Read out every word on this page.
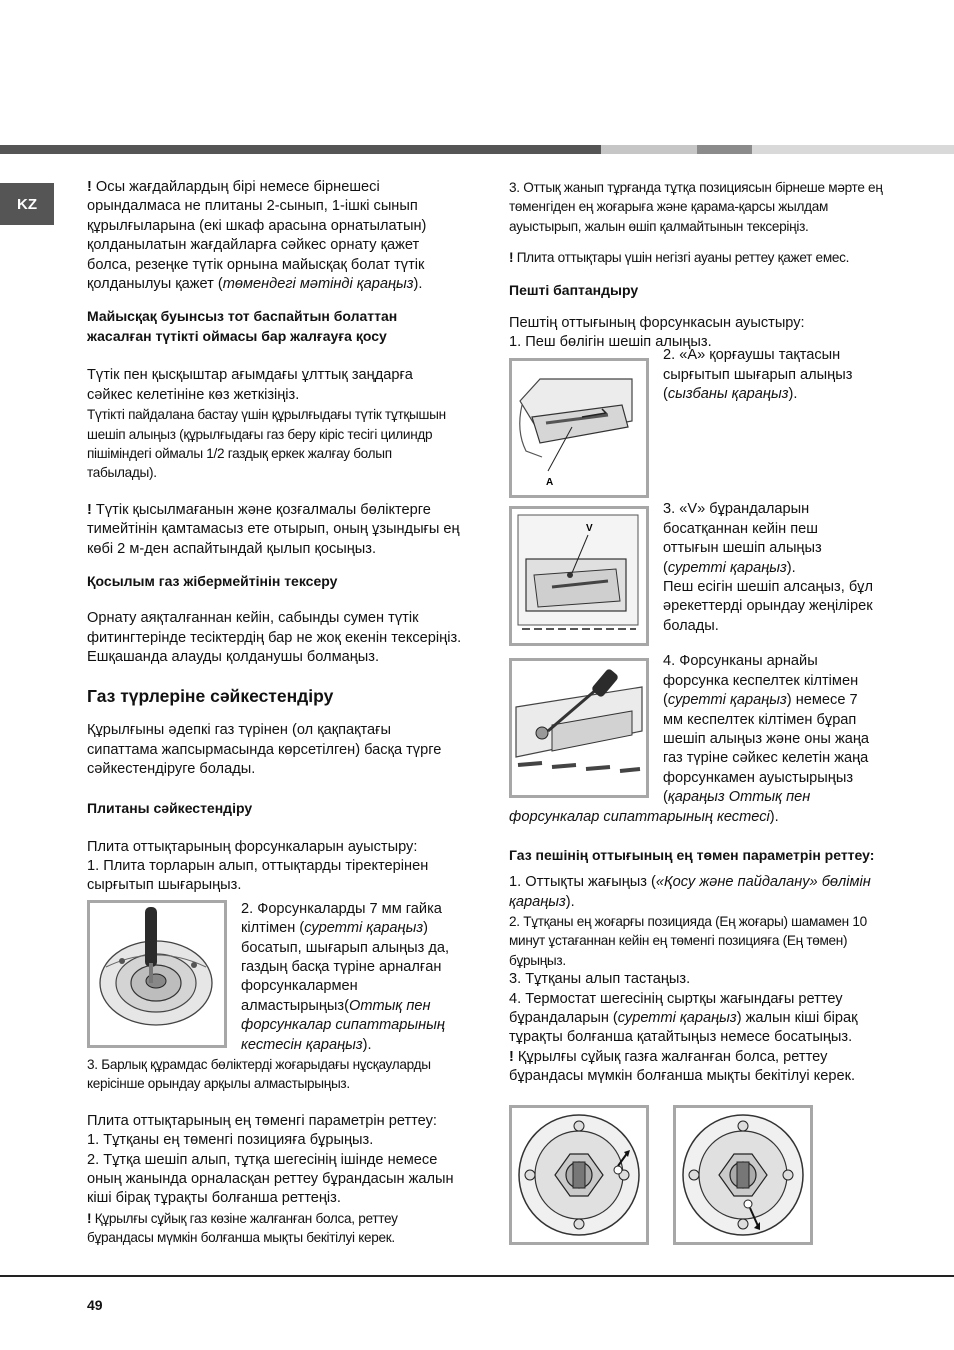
KZ

! Осы жағдайлардың бірі немесе бірнешесі орындалмаса не плитаны 2-сынып, 1-ішкі сынып құрылғыларына (екі шкаф арасына орнатылатын) қолданылатын жағдайларға сәйкес орнату қажет болса, резеңке түтік орнына майысқақ болат түтік қолданылуы қажет (төмендегі мәтінді қараңыз).

Майысқақ буынсыз тот баспайтын болаттан жасалған түтікті оймасы бар жалғауға қосу

Түтік пен қысқыштар ағымдағы ұлттық заңдарға сәйкес келетініне көз жеткізіңіз.

Түтікті пайдалана бастау үшін құрылғыдағы түтік тұтқышын шешіп алыңыз (құрылғыдағы газ беру кіріс тесігі цилиндр пішіміндегі оймалы 1/2 газдық еркек жалғау болып табылады).

! Түтік қысылмағанын және қозғалмалы бөліктерге тимейтінін қамтамасыз ете отырып, оның ұзындығы ең көбі 2 м-ден аспайтындай қылып қосыңыз.

Қосылым газ жібермейтінін тексеру

Орнату аяқталғаннан кейін, сабынды сумен түтік фитингтерінде тесіктердің бар не жоқ екенін тексеріңіз. Ешқашанда алауды қолданушы болмаңыз.

Газ түрлеріне сәйкестендіру

Құрылғыны әдепкі газ түрінен (ол қақпақтағы сипаттама жапсырмасында көрсетілген) басқа түрге сәйкестендіруге болады.

Плитаны сәйкестендіру

Плита оттықтарының форсункаларын ауыстыру:

1. Плита торларын алып, оттықтарды тіректерінен сырғытып шығарыңыз.

2. Форсункаларды 7 мм гайка кілтімен (суретті қараңыз) босатып, шығарып алыңыз да, газдың басқа түріне арналған форсункалармен алмастырыңыз(Оттық пен форсункалар сипаттарының кестесін қараңыз).

3. Барлық құрамдас бөліктерді жоғарыдағы нұсқауларды керісінше орындау арқылы алмастырыңыз.

Плита оттықтарының ең төменгі параметрін реттеу:

1. Тұтқаны ең төменгі позицияға бұрыңыз.

2. Тұтқа шешіп алып, тұтқа шегесінің ішінде немесе оның жанында орналасқан реттеу бұрандасын жалын кіші бірақ тұрақты болғанша реттеңіз.

! Құрылғы сұйық газ көзіне жалғанған болса, реттеу бұрандасы мүмкін болғанша мықты бекітілуі керек.

3. Оттық жанып тұрғанда тұтқа позициясын бірнеше мәрте ең төменгіден ең жоғарыға және қарама-қарсы жылдам ауыстырып, жалын өшіп қалмайтынын тексеріңіз.

! Плита оттықтары үшін негізгі ауаны реттеу қажет емес.

Пешті баптандыру

Пештің оттығының форсункасын ауыстыру:

1. Пеш бөлігін шешіп алыңыз.

A

2. «A» қорғаушы тақтасын сырғытып шығарып алыңыз (сызбаны қараңыз).

V

3. «V» бұрандаларын босатқаннан кейін пеш оттығын шешіп алыңыз (суретті қараңыз).

Пеш есігін шешіп алсаңыз, бұл әрекеттерді орындау жеңілірек болады.

4. Форсунканы арнайы форсунка кеспелтек кілтімен (суретті қараңыз) немесе 7 мм кеспелтек кілтімен бұрап шешіп алыңыз және оны жаңа газ түріне сәйкес келетін жаңа форсункамен ауыстырыңыз (қараңыз Оттық пен

форсункалар сипаттарының кестесі).

Газ пешінің оттығының ең төмен параметрін реттеу:

1. Оттықты жағыңыз («Қосу және пайдалану» бөлімін қараңыз).

2. Тұтқаны ең жоғарғы позицияда (Ең жоғары) шамамен 10 минут ұстағаннан кейін ең төменгі позицияға (Ең төмен) бұрыңыз.

3. Тұтқаны алып тастаңыз.

4. Термостат шегесінің сыртқы жағындағы реттеу бұрандаларын (суретті қараңыз) жалын кіші бірақ тұрақты болғанша қатайтыңыз немесе босатыңыз.

! Құрылғы сұйық газға жалғанған болса, реттеу бұрандасы мүмкін болғанша мықты бекітілуі керек.

49
